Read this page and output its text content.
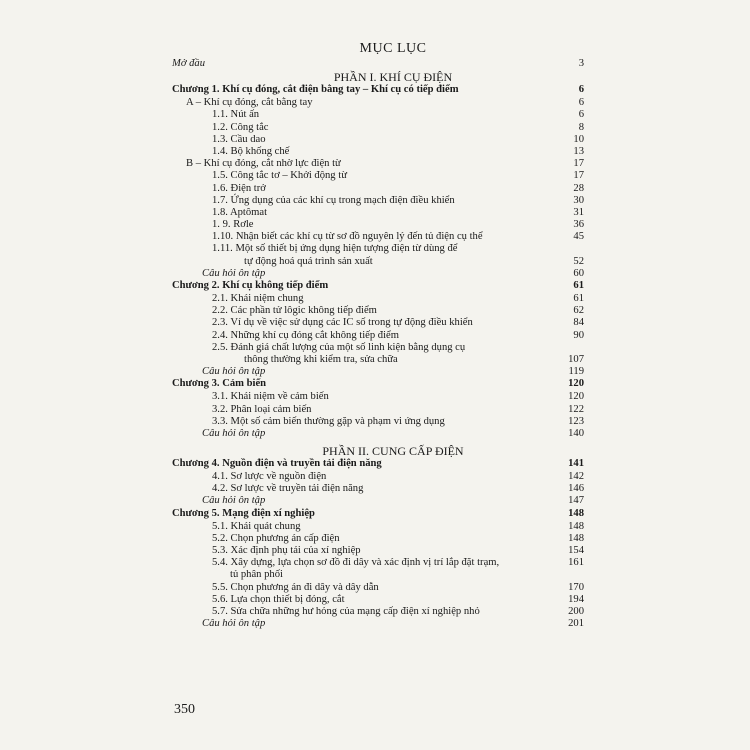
MỤC LỤC
Mở đầu	3
PHẦN I. KHÍ CỤ ĐIỆN
Chương 1. Khí cụ đóng, cắt điện bằng tay – Khí cụ có tiếp điểm	6
A – Khí cụ đóng, cắt bằng tay	6
1.1. Nút ấn	6
1.2. Công tắc	8
1.3. Cầu dao	10
1.4. Bộ khống chế	13
B – Khí cụ đóng, cắt nhờ lực điện từ	17
1.5. Công tắc tơ – Khởi động từ	17
1.6. Điện trở	28
1.7. Ứng dụng của các khí cụ trong mạch điện điều khiển	30
1.8. Aptômat	31
1. 9. Rơle	36
1.10. Nhận biết các khí cụ từ sơ đồ nguyên lý đến tủ điện cụ thể	45
1.11. Một số thiết bị ứng dụng hiện tượng điện từ dùng để
tự động hoá quá trình sản xuất	52
Câu hỏi ôn tập	60
Chương 2. Khí cụ không tiếp điểm	61
2.1. Khái niệm chung	61
2.2. Các phần tử lôgic không tiếp điểm	62
2.3. Ví dụ về việc sử dụng các IC số trong tự động điều khiển	84
2.4. Những khí cụ đóng cắt không tiếp điểm	90
2.5. Đánh giá chất lượng của một số linh kiện bằng dụng cụ
thông thường khi kiểm tra, sửa chữa	107
Câu hỏi ôn tập	119
Chương 3. Cảm biến	120
3.1. Khái niệm về cảm biến	120
3.2. Phân loại cảm biến	122
3.3. Một số cảm biến thường gặp và phạm vi ứng dụng	123
Câu hỏi ôn tập	140
PHẦN II. CUNG CẤP ĐIỆN
Chương 4. Nguồn điện và truyền tải điện năng	141
4.1. Sơ lược về nguồn điện	142
4.2. Sơ lược về truyền tải điện năng	146
Câu hỏi ôn tập	147
Chương 5. Mạng điện xí nghiệp	148
5.1. Khái quát chung	148
5.2. Chọn phương án cấp điện	148
5.3. Xác định phụ tải của xí nghiệp	154
5.4. Xây dựng, lựa chọn sơ đồ đi dây và xác định vị trí lắp đặt trạm,	161
tủ phân phối
5.5. Chọn phương án đi dây và dây dẫn	170
5.6. Lựa chọn thiết bị đóng, cắt	194
5.7. Sửa chữa những hư hỏng của mạng cấp điện xí nghiệp nhỏ	200
Câu hỏi ôn tập	201
350
